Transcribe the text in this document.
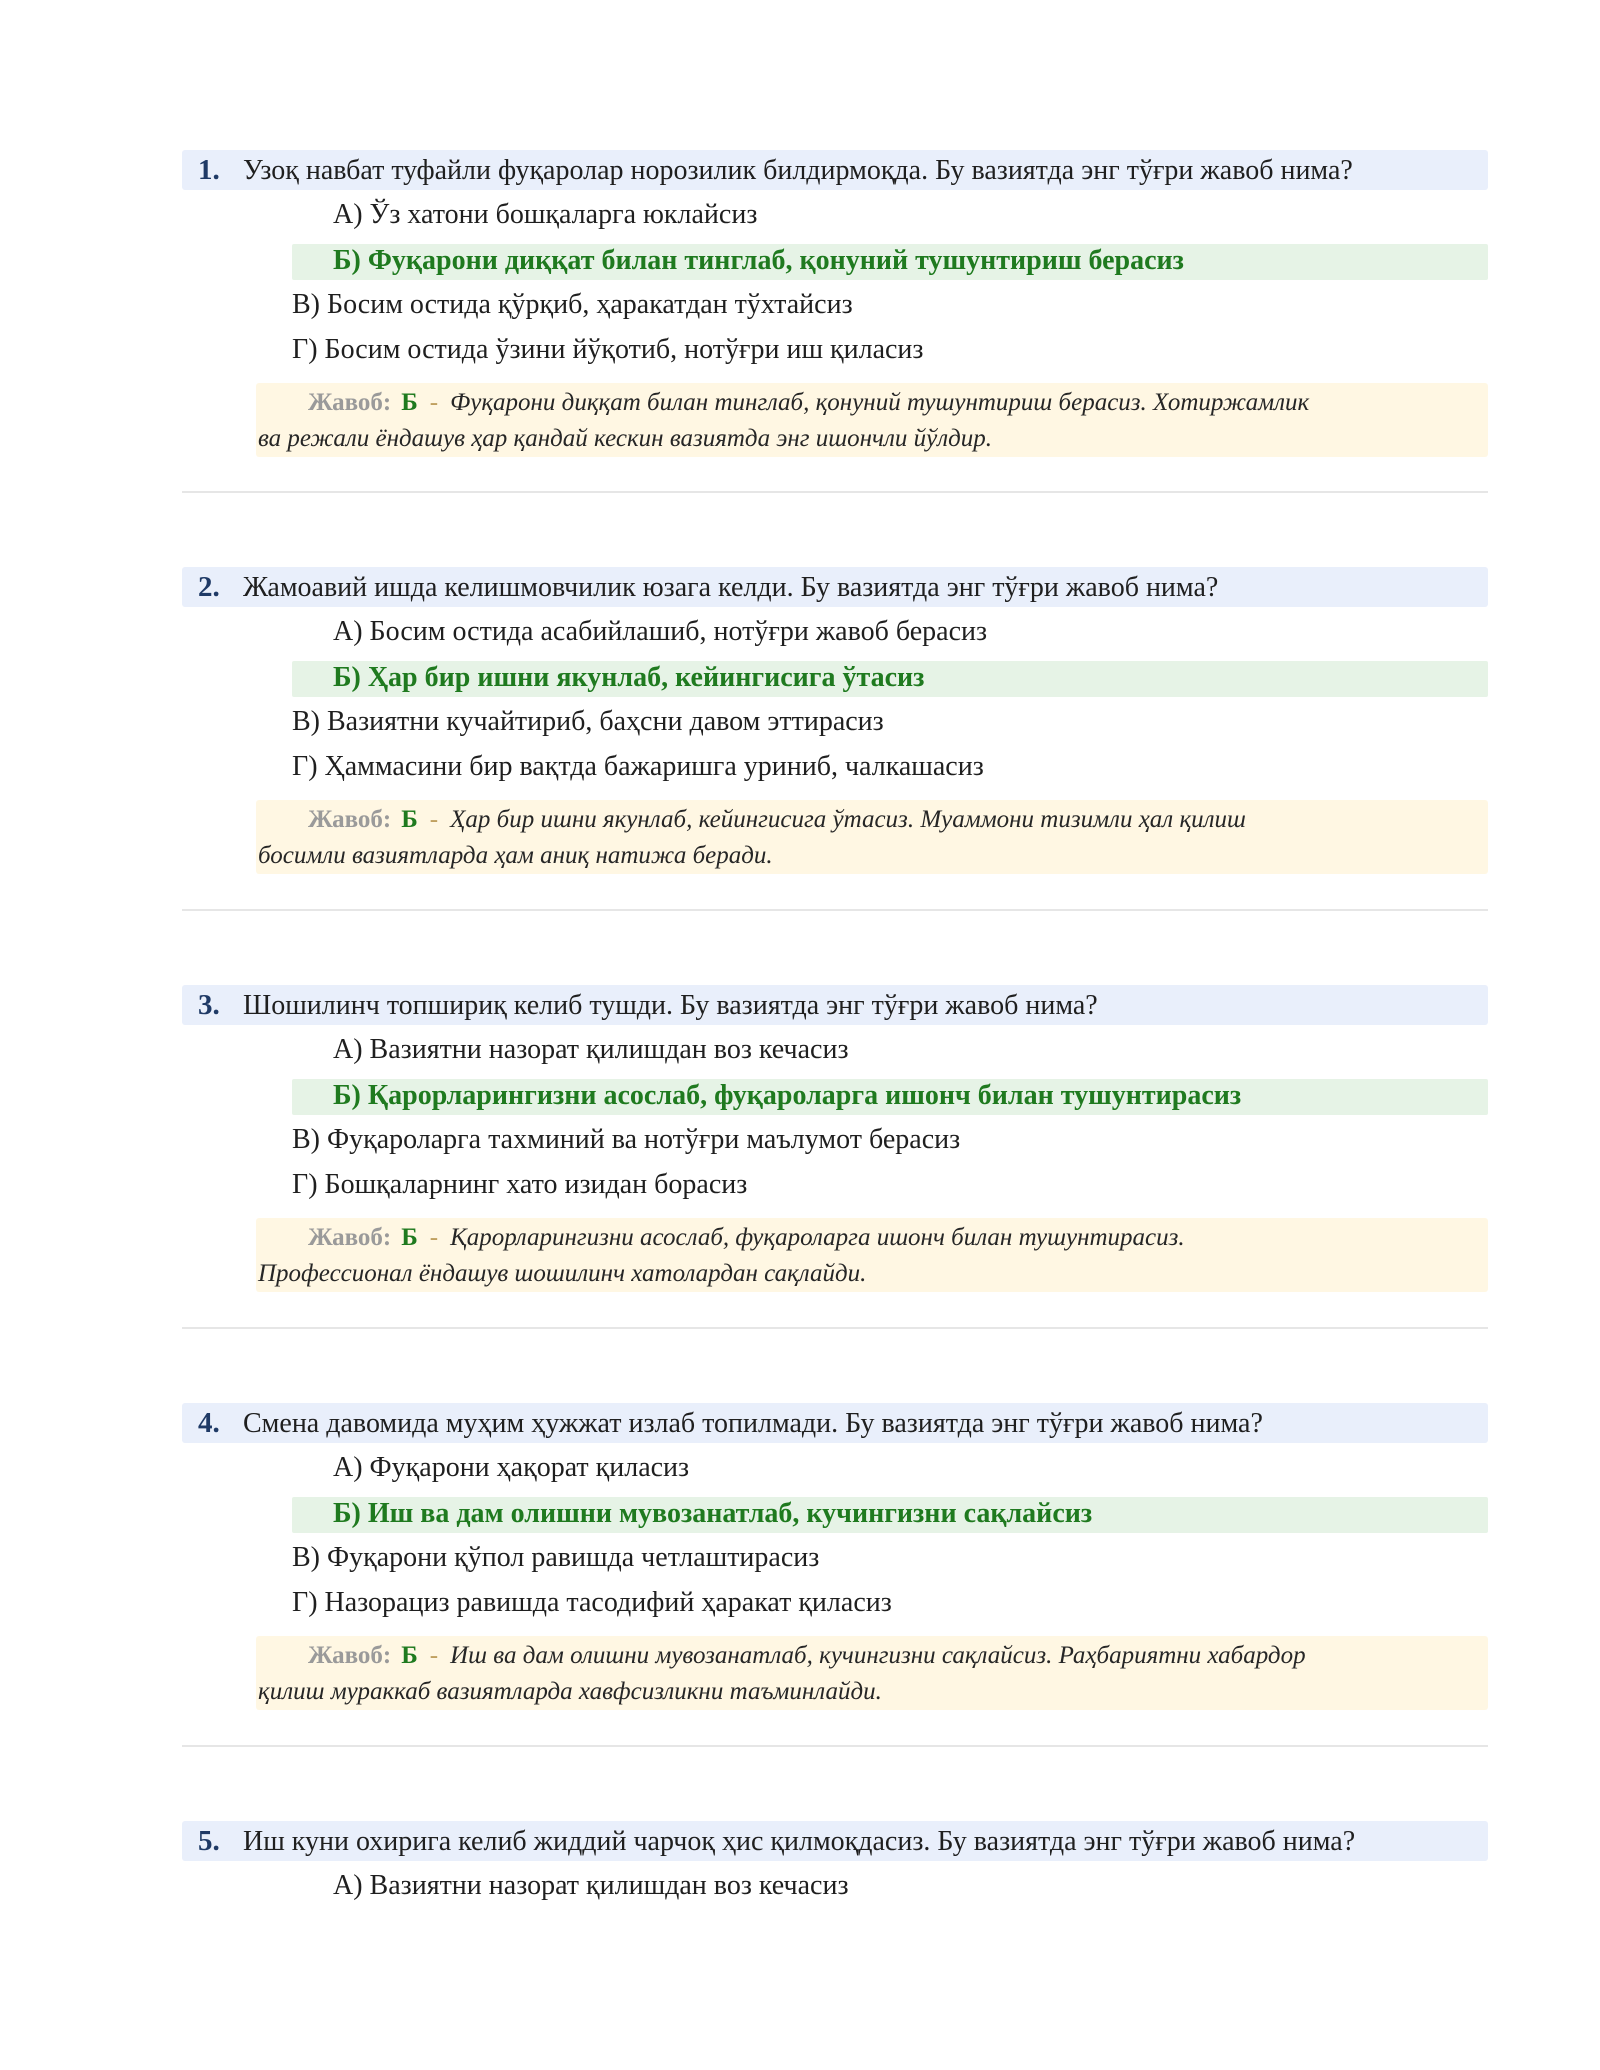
1. Узоқ навбат туфайли фуқаролар норозилик билдирмоқда. Бу вазиятда энг тўғри жавоб нима?
А) Ўз хатони бошқаларга юклайсиз
Б) Фуқарони диққат билан тинглаб, қонуний тушунтириш берасиз
В) Босим остида қўрқиб, ҳаракатдан тўхтайсиз
Г) Босим остида ўзини йўқотиб, нотўғри иш қиласиз
Жавоб: Б - Фуқарони диққат билан тинглаб, қонуний тушунтириш берасиз. Хотиржамлик
ва режали ёндашув ҳар қандай кескин вазиятда энг ишончли йўлдир.
2. Жамоавий ишда келишмовчилик юзага келди. Бу вазиятда энг тўғри жавоб нима?
А) Босим остида асабийлашиб, нотўғри жавоб берасиз
Б) Ҳар бир ишни якунлаб, кейингисига ўтасиз
В) Вазиятни кучайтириб, баҳсни давом эттирасиз
Г) Ҳаммасини бир вақтда бажаришга уриниб, чалкашасиз
Жавоб: Б - Ҳар бир ишни якунлаб, кейингисига ўтасиз. Муаммони тизимли ҳал қилиш
босимли вазиятларда ҳам аниқ натижа беради.
3. Шошилинч топшириқ келиб тушди. Бу вазиятда энг тўғри жавоб нима?
А) Вазиятни назорат қилишдан воз кечасиз
Б) Қарорларингизни асослаб, фуқароларга ишонч билан тушунтирасиз
В) Фуқароларга тахминий ва нотўғри маълумот берасиз
Г) Бошқаларнинг хато изидан борасиз
Жавоб: Б - Қарорларингизни асослаб, фуқароларга ишонч билан тушунтирасиз.
Профессионал ёндашув шошилинч хатолардан сақлайди.
4. Смена давомида муҳим ҳужжат излаб топилмади. Бу вазиятда энг тўғри жавоб нима?
А) Фуқарони ҳақорат қиласиз
Б) Иш ва дам олишни мувозанатлаб, кучингизни сақлайсиз
В) Фуқарони қўпол равишда четлаштирасиз
Г) Назорациз равишда тасодифий ҳаракат қиласиз
Жавоб: Б - Иш ва дам олишни мувозанатлаб, кучингизни сақлайсиз. Раҳбариятни хабардор
қилиш мураккаб вазиятларда хавфсизликни таъминлайди.
5. Иш куни охирига келиб жиддий чарчоқ ҳис қилмоқдасиз. Бу вазиятда энг тўғри жавоб нима?
А) Вазиятни назорат қилишдан воз кечасиз
